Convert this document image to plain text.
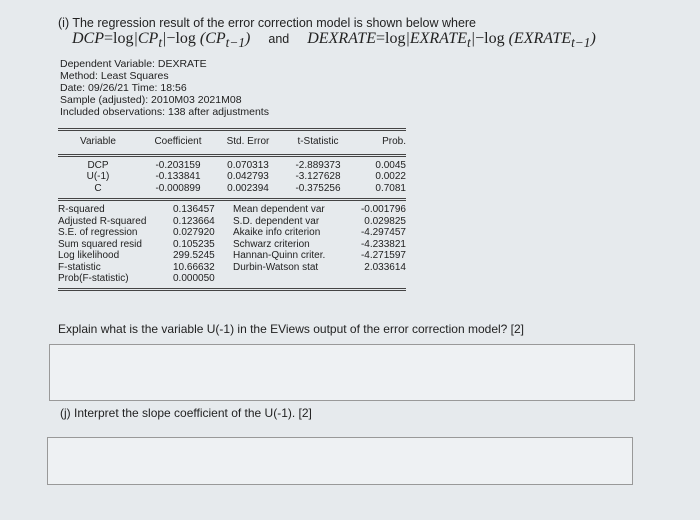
(i) The regression result of the error correction model is shown below where
$DCP=\log|CP_t|-\log$ $(CP_{t-1})$ and $DEXRATE=\log|EXRATE_t|-\log$ $(EXRATE_{t-1})$
Dependent Variable: DEXRATE
Method: Least Squares
Date: 09/26/21 Time: 18:56
Sample (adjusted): 2010M03 2021M08
Included observations: 138 after adjustments
Variable	Coefficient	Std. Error	t-Statistic	Prob.
DCP	-0.203159	0.070313	-2.889373	0.0045
U(-1)	-0.133841	0.042793	-3.127628	0.0022
C	-0.000899	0.002394	-0.375256	0.7081
R-squared	0.136457	Mean dependent var	-0.001796
Adjusted R-squared	0.123664	S.D. dependent var	0.029825
S.E. of regression	0.027920	Akaike info criterion	-4.297457
Sum squared resid	0.105235	Schwarz criterion	-4.233821
Log likelihood	299.5245	Hannan-Quinn criter.	-4.271597
F-statistic	10.66632	Durbin-Watson stat	2.033614
Prob(F-statistic)	0.000050
Explain what is the variable U(-1) in the EViews output of the error correction model? [2]
(j) Interpret the slope coefficient of the U(-1). [2]
